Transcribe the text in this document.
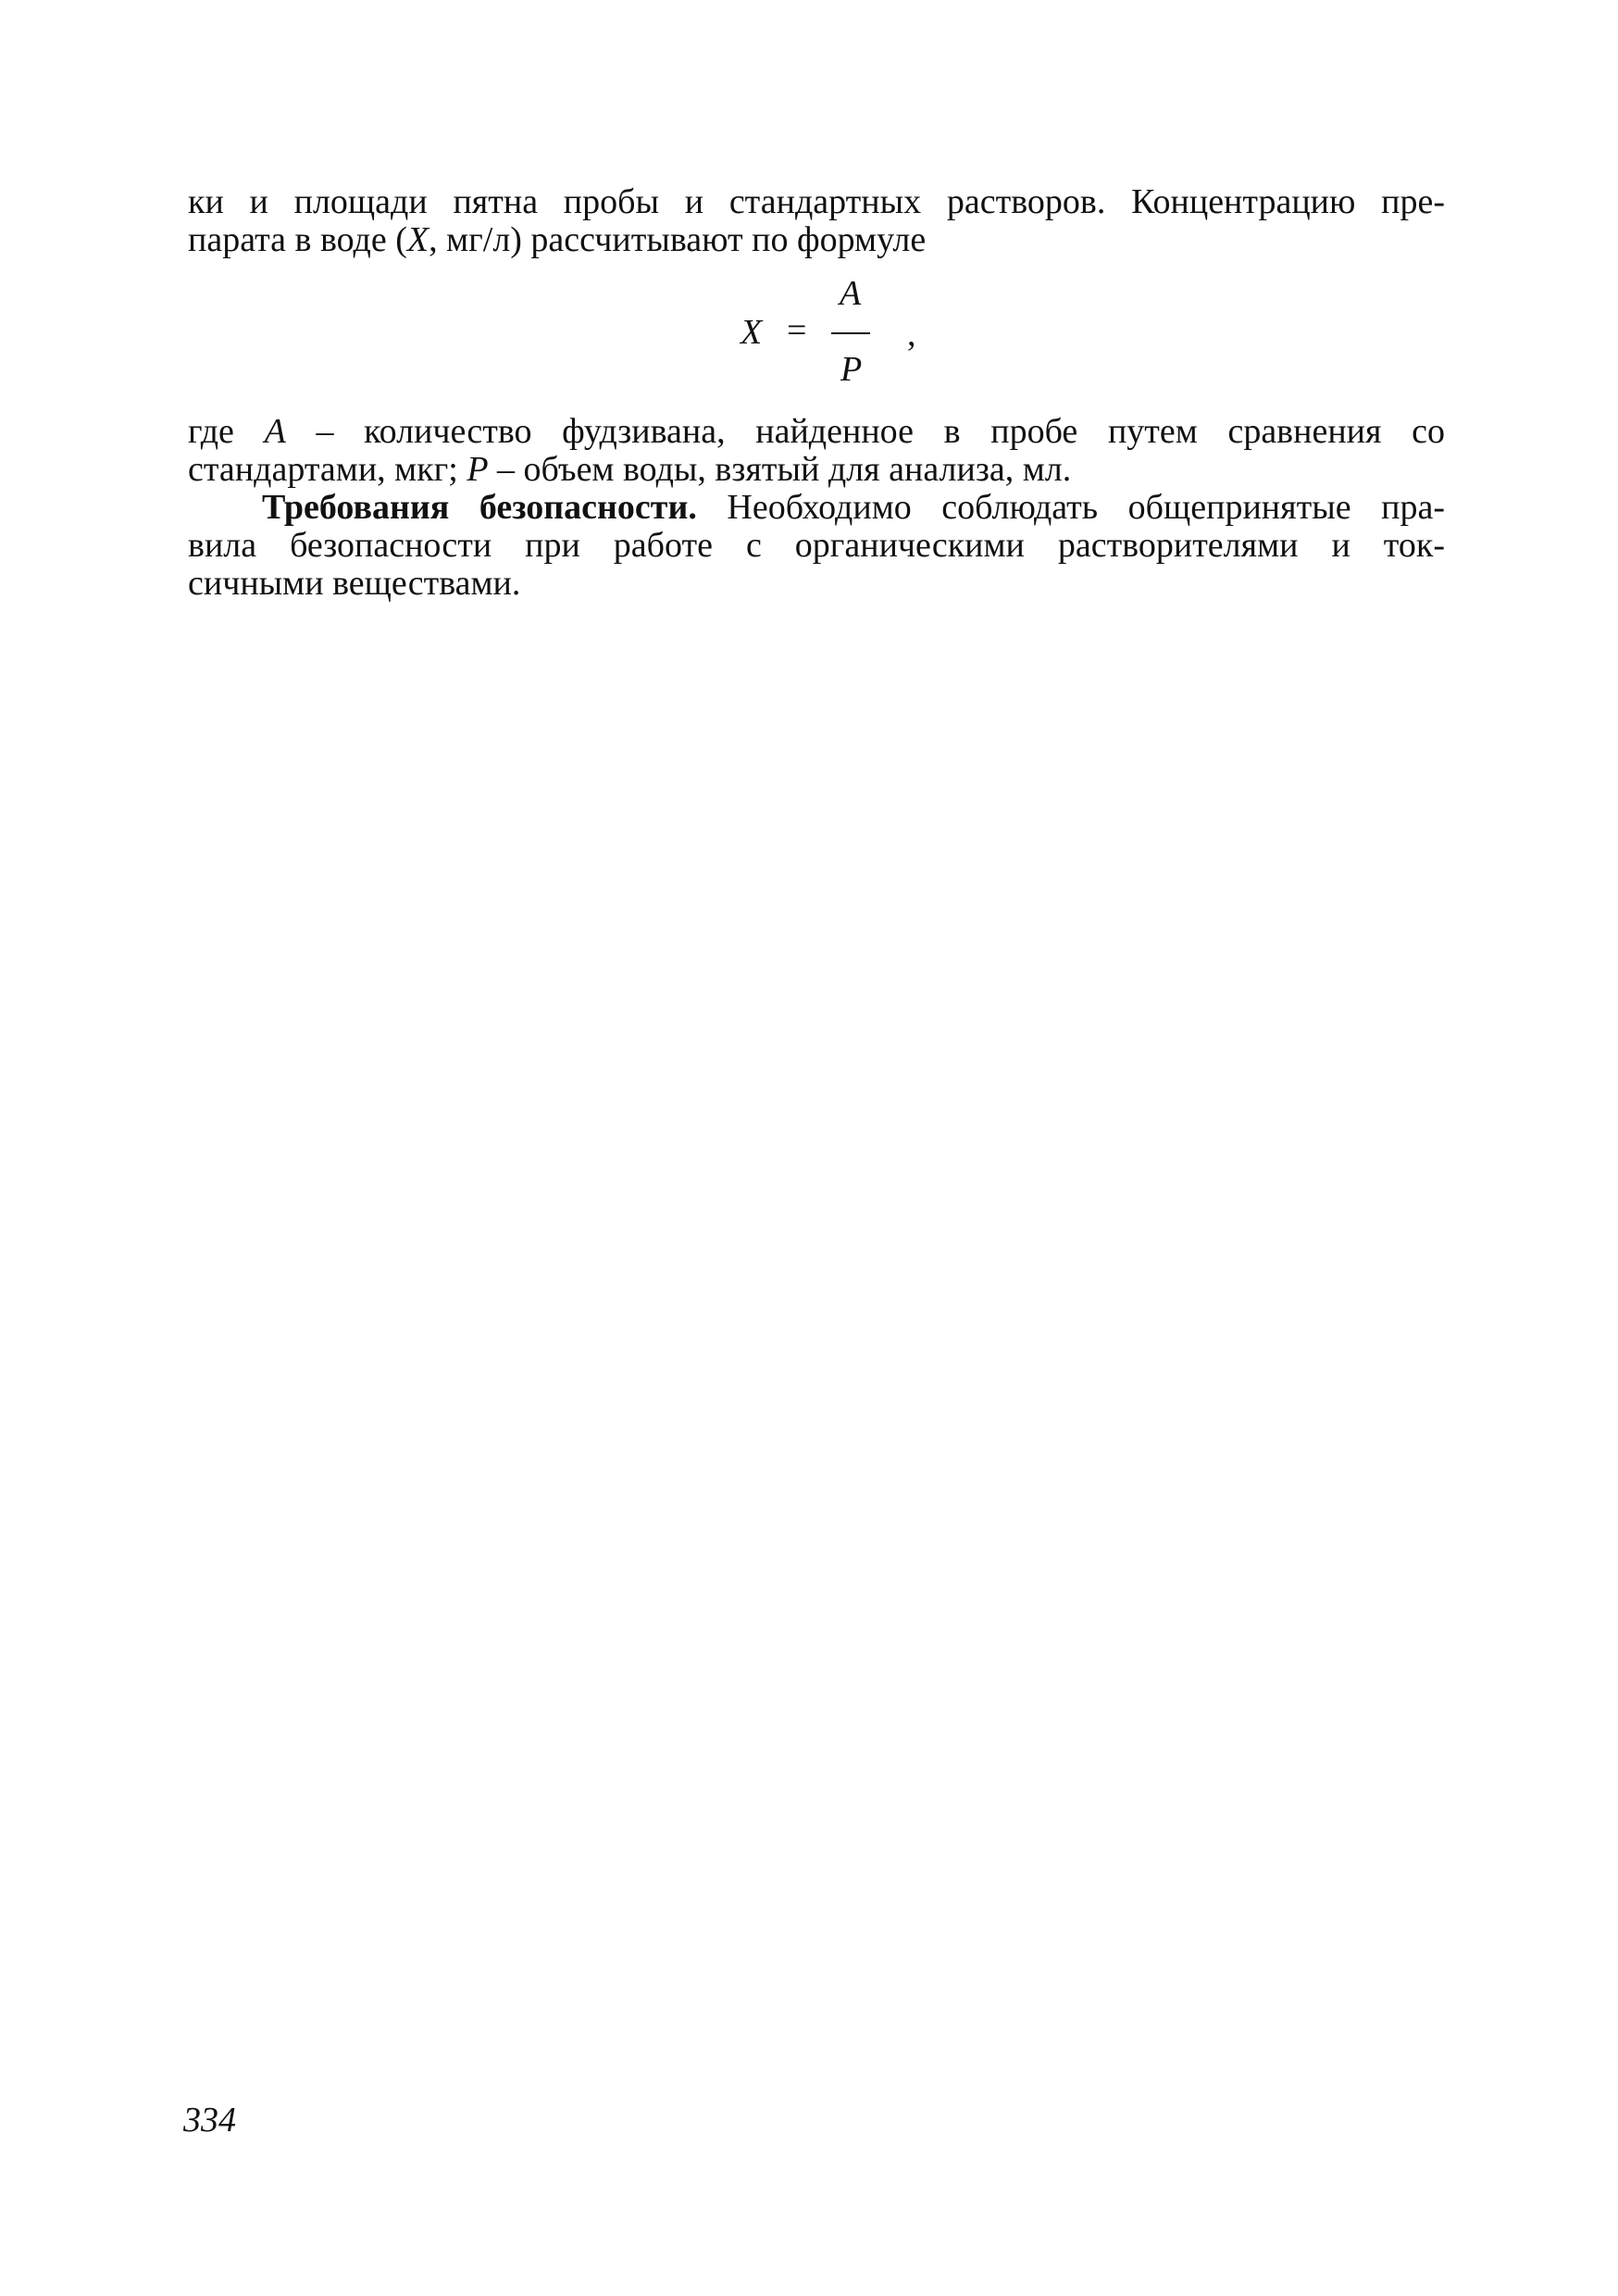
ки и площади пятна пробы и стандартных растворов. Концентрацию пре-
парата в воде (X, мг/л) рассчитывают по формуле
X =
A
P
,
где A – количество фудзивана, найденное в пробе путем сравнения со
стандартами, мкг; P – объем воды, взятый для анализа, мл.
Требования безопасности. Необходимо соблюдать общепринятые пра-
вила безопасности при работе с органическими растворителями и ток-
сичными веществами.
334
